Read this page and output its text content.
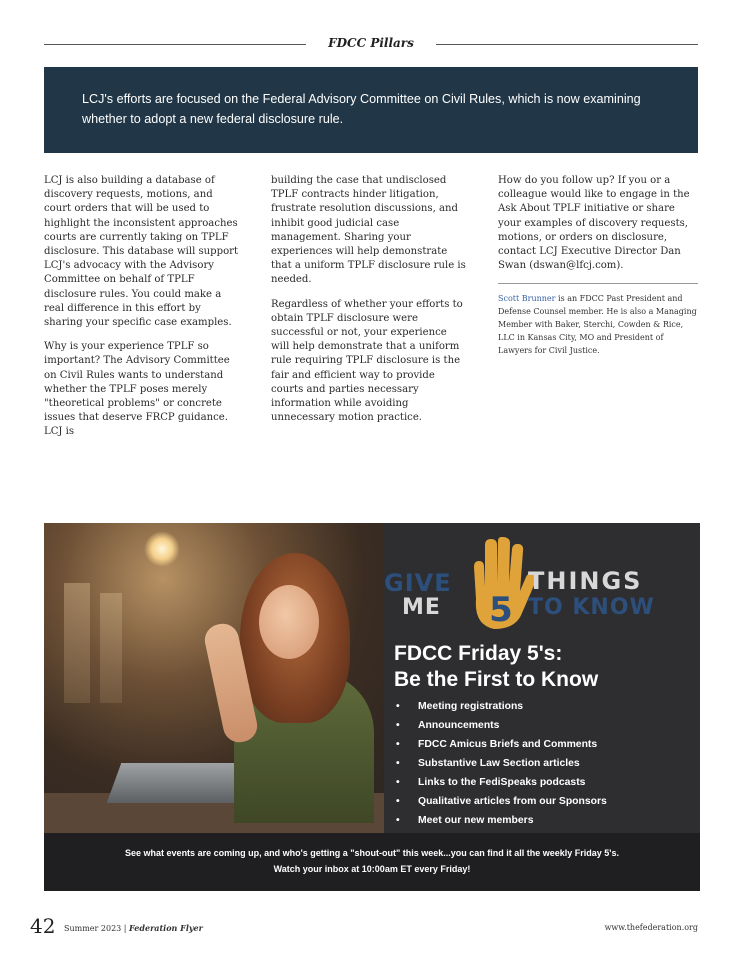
FDCC Pillars

LCJ's efforts are focused on the Federal Advisory Committee on Civil Rules, which is now examining whether to adopt a new federal disclosure rule.

LCJ is also building a database of discovery requests, motions, and court orders that will be used to highlight the inconsistent approaches courts are currently taking on TPLF disclosure. This database will support LCJ's advocacy with the Advisory Committee on behalf of TPLF disclosure rules. You could make a real difference in this effort by sharing your specific case examples.

Why is your experience TPLF so important? The Advisory Committee on Civil Rules wants to understand whether the TPLF poses merely "theoretical problems" or concrete issues that deserve FRCP guidance. LCJ is

building the case that undisclosed TPLF contracts hinder litigation, frustrate resolution discussions, and inhibit good judicial case management. Sharing your experiences will help demonstrate that a uniform TPLF disclosure rule is needed.

Regardless of whether your efforts to obtain TPLF disclosure were successful or not, your experience will help demonstrate that a uniform rule requiring TPLF disclosure is the fair and efficient way to provide courts and parties necessary information while avoiding unnecessary motion practice.

How do you follow up? If you or a colleague would like to engage in the Ask About TPLF initiative or share your examples of discovery requests, motions, or orders on disclosure, contact LCJ Executive Director Dan Swan (dswan@lfcj.com).

Scott Brunner is an FDCC Past President and Defense Counsel member. He is also a Managing Member with Baker, Sterchi, Cowden & Rice, LLC in Kansas City, MO and President of Lawyers for Civil Justice.

GIVE
ME 5
THINGS
TO KNOW
FDCC Friday 5's:
Be the First to Know
• Meeting registrations
• Announcements
• FDCC Amicus Briefs and Comments
• Substantive Law Section articles
• Links to the FediSpeaks podcasts
• Qualitative articles from our Sponsors
• Meet our new members
See what events are coming up, and who's getting a "shout-out" this week...you can find it all the weekly Friday 5's.
Watch your inbox at 10:00am ET every Friday!
42 Summer 2023 | Federation Flyer	www.thefederation.org
